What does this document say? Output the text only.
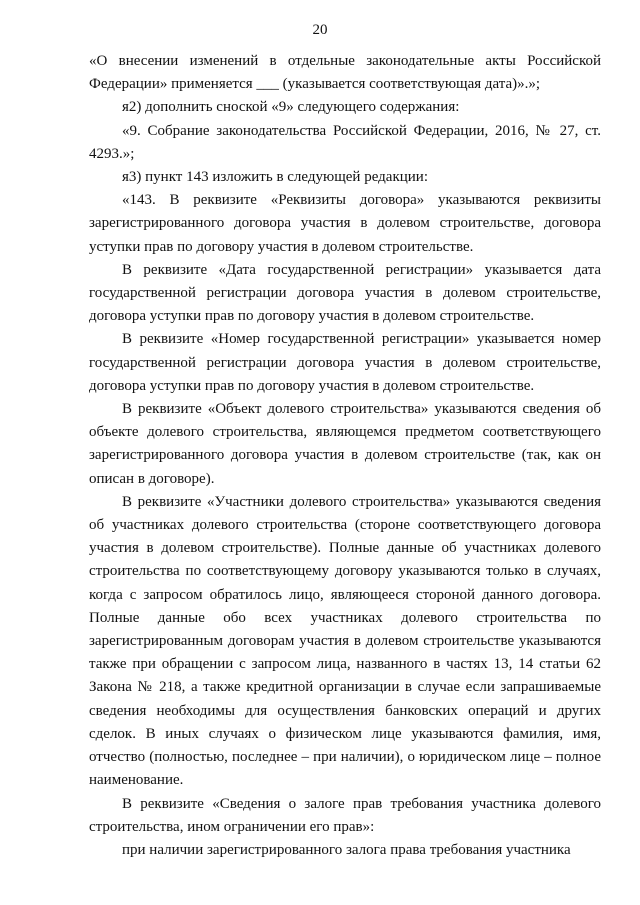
20

«О внесении изменений в отдельные законодательные акты Российской Федерации» применяется ___ (указывается соответствующая дата)».»;

я2) дополнить сноской «9» следующего содержания:

«9. Собрание законодательства Российской Федерации, 2016, № 27, ст. 4293.»;

я3) пункт 143 изложить в следующей редакции:

«143. В реквизите «Реквизиты договора» указываются реквизиты зарегистрированного договора участия в долевом строительстве, договора уступки прав по договору участия в долевом строительстве.

В реквизите «Дата государственной регистрации» указывается дата государственной регистрации договора участия в долевом строительстве, договора уступки прав по договору участия в долевом строительстве.

В реквизите «Номер государственной регистрации» указывается номер государственной регистрации договора участия в долевом строительстве, договора уступки прав по договору участия в долевом строительстве.

В реквизите «Объект долевого строительства» указываются сведения об объекте долевого строительства, являющемся предметом соответствующего зарегистрированного договора участия в долевом строительстве (так, как он описан в договоре).

В реквизите «Участники долевого строительства» указываются сведения об участниках долевого строительства (стороне соответствующего договора участия в долевом строительстве). Полные данные об участниках долевого строительства по соответствующему договору указываются только в случаях, когда с запросом обратилось лицо, являющееся стороной данного договора. Полные данные обо всех участниках долевого строительства по зарегистрированным договорам участия в долевом строительстве указываются также при обращении с запросом лица, названного в частях 13, 14 статьи 62 Закона № 218, а также кредитной организации в случае если запрашиваемые сведения необходимы для осуществления банковских операций и других сделок. В иных случаях о физическом лице указываются фамилия, имя, отчество (полностью, последнее – при наличии), о юридическом лице – полное наименование.

В реквизите «Сведения о залоге прав требования участника долевого строительства, ином ограничении его прав»:

при наличии зарегистрированного залога права требования участника
